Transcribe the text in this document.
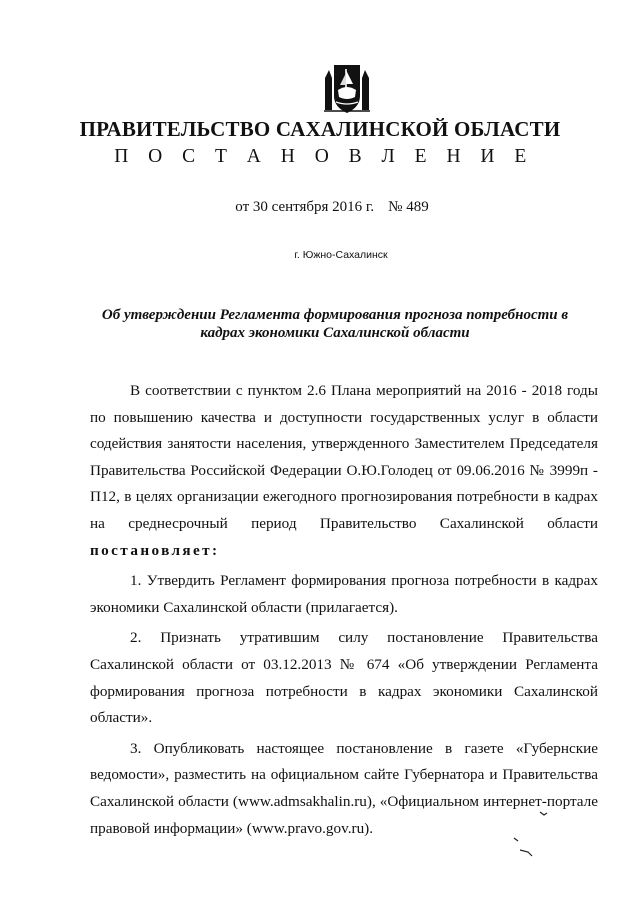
ПРАВИТЕЛЬСТВО САХАЛИНСКОЙ ОБЛАСТИ
П О С Т А Н О В Л Е Н И Е
от 30 сентября 2016 г. № 489
г. Южно-Сахалинск
Об утверждении Регламента формирования прогноза потребности в кадрах экономики Сахалинской области

В соответствии с пунктом 2.6 Плана мероприятий на 2016 - 2018 годы по повышению качества и доступности государственных услуг в области содействия занятости населения, утвержденного Заместителем Председателя Правительства Российской Федерации О.Ю.Голодец от 09.06.2016 № 3999п - П12, в целях организации ежегодного прогнозирования потребности в кадрах на среднесрочный период Правительство Сахалинской области постановляет:

1. Утвердить Регламент формирования прогноза потребности в кадрах экономики Сахалинской области (прилагается).

2. Признать утратившим силу постановление Правительства Сахалинской области от 03.12.2013 № 674 «Об утверждении Регламента формирования прогноза потребности в кадрах экономики Сахалинской области».

3. Опубликовать настоящее постановление в газете «Губернские ведомости», разместить на официальном сайте Губернатора и Правительства Сахалинской области (www.admsakhalin.ru), «Официальном интернет-портале правовой информации» (www.pravo.gov.ru).
